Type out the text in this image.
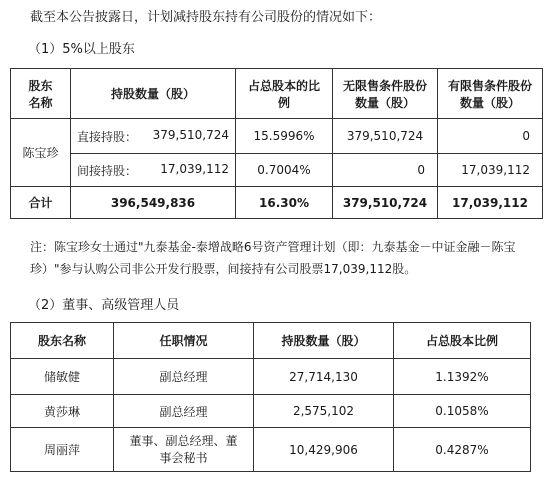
截至本公告披露日，计划减持股东持有公司股份的情况如下：
（1）5%以上股东
股东名称	持股数量（股）	占总股本的比例	无限售条件股份数量（股）	有限售条件股份数量（股）
陈宝珍	直接持股： 379,510,724	15.5996%	379,510,724	0

	间接持股： 17,039,112	0.7004%	0	17,039,112
合计	396,549,836	16.30%	379,510,724	17,039,112
注：陈宝珍女士通过"九泰基金-泰增战略6号资产管理计划（即：九泰基金－中证金融－陈宝珍）"参与认购公司非公开发行股票，间接持有公司股票17,039,112股。
（2）董事、高级管理人员
股东名称	任职情况	持股数量（股）	占总股本比例
储敏健	副总经理	27,714,130	1.1392%
黄莎琳	副总经理	2,575,102	0.1058%
周丽萍	董事、副总经理、董事会秘书	10,429,906	0.4287%
